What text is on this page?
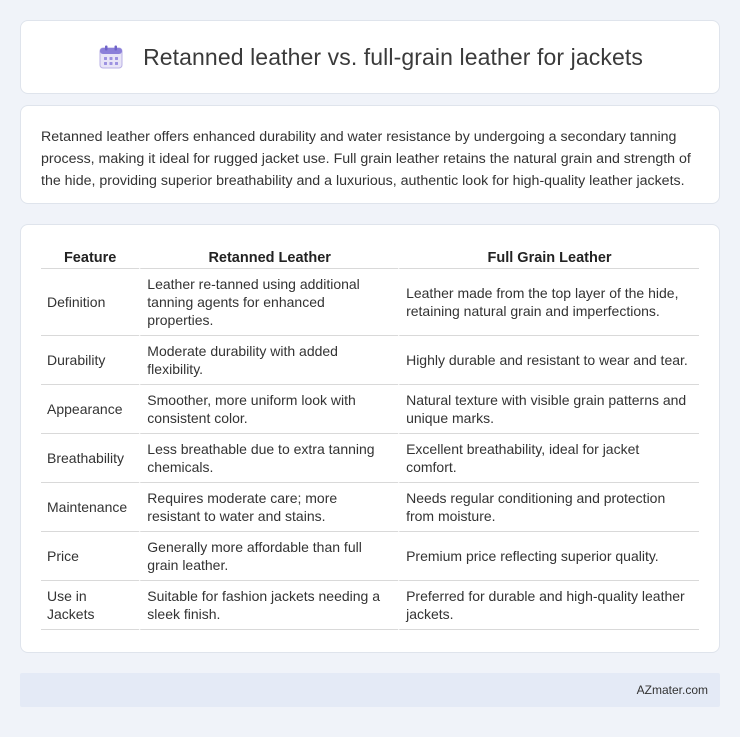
Retanned leather vs. full-grain leather for jackets

Retanned leather offers enhanced durability and water resistance by undergoing a secondary tanning process, making it ideal for rugged jacket use. Full grain leather retains the natural grain and strength of the hide, providing superior breathability and a luxurious, authentic look for high-quality leather jackets.

Feature	Retanned Leather	Full Grain Leather
Definition	Leather re-tanned using additional tanning agents for enhanced properties.	Leather made from the top layer of the hide, retaining natural grain and imperfections.
Durability	Moderate durability with added flexibility.	Highly durable and resistant to wear and tear.
Appearance	Smoother, more uniform look with consistent color.	Natural texture with visible grain patterns and unique marks.
Breathability	Less breathable due to extra tanning chemicals.	Excellent breathability, ideal for jacket comfort.
Maintenance	Requires moderate care; more resistant to water and stains.	Needs regular conditioning and protection from moisture.
Price	Generally more affordable than full grain leather.	Premium price reflecting superior quality.
Use in Jackets	Suitable for fashion jackets needing a sleek finish.	Preferred for durable and high-quality leather jackets.
AZmater.com
